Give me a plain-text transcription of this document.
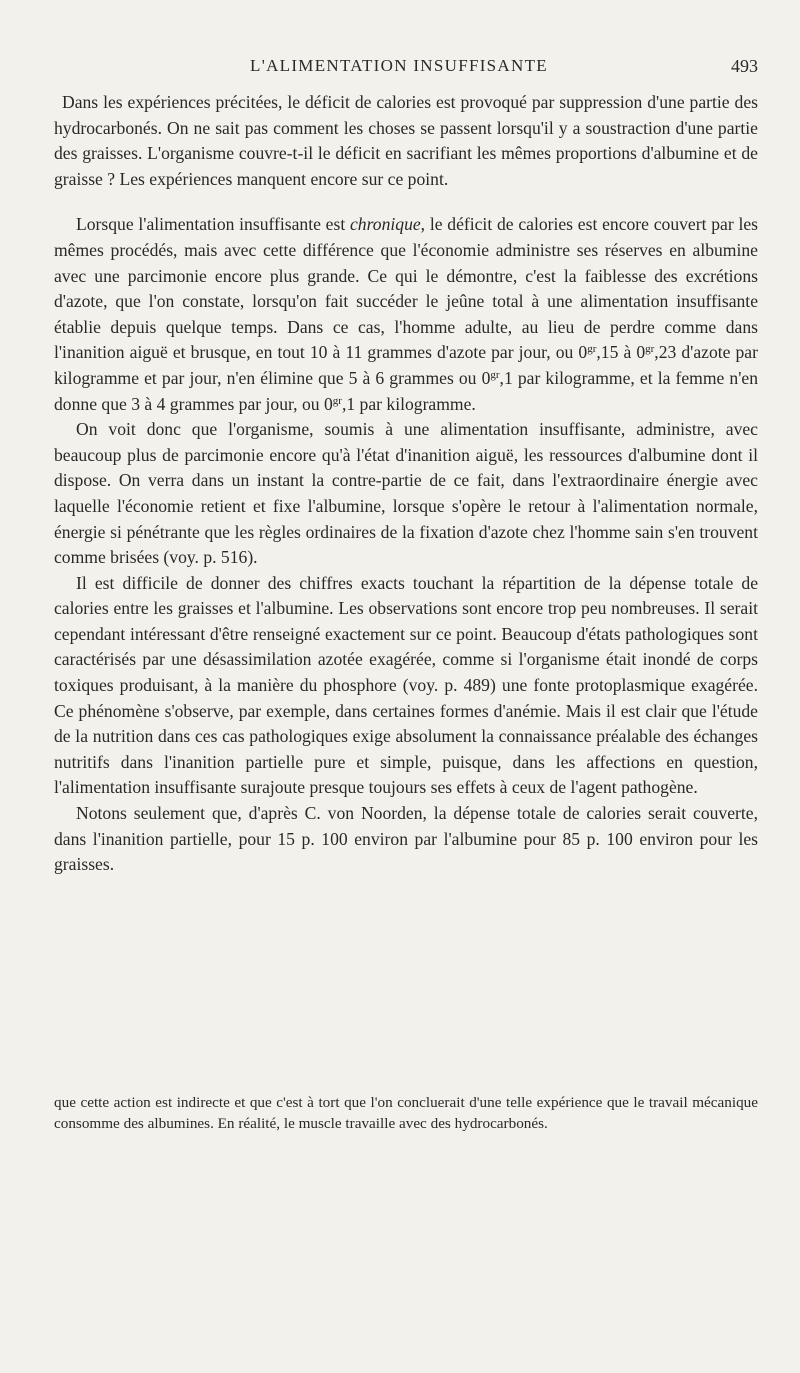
L'ALIMENTATION INSUFFISANTE	493

Dans les expériences précitées, le déficit de calories est provoqué par suppression d'une partie des hydrocarbonés. On ne sait pas comment les choses se passent lorsqu'il y a soustraction d'une partie des graisses. L'organisme couvre-t-il le déficit en sacrifiant les mêmes proportions d'albumine et de graisse ? Les expériences manquent encore sur ce point.

Lorsque l'alimentation insuffisante est chronique, le déficit de calories est encore couvert par les mêmes procédés, mais avec cette différence que l'économie administre ses réserves en albumine avec une parcimonie encore plus grande. Ce qui le démontre, c'est la faiblesse des excrétions d'azote, que l'on constate, lorsqu'on fait succéder le jeûne total à une alimentation insuffisante établie depuis quelque temps. Dans ce cas, l'homme adulte, au lieu de perdre comme dans l'inanition aiguë et brusque, en tout 10 à 11 grammes d'azote par jour, ou $0^{gr},15$ à $0^{gr},23$ d'azote par kilogramme et par jour, n'en élimine que 5 à 6 grammes ou $0^{gr},1$ par kilogramme, et la femme n'en donne que 3 à 4 grammes par jour, ou $0^{gr},1$ par kilogramme.

On voit donc que l'organisme, soumis à une alimentation insuffisante, administre, avec beaucoup plus de parcimonie encore qu'à l'état d'inanition aiguë, les ressources d'albumine dont il dispose. On verra dans un instant la contre-partie de ce fait, dans l'extraordinaire énergie avec laquelle l'économie retient et fixe l'albumine, lorsque s'opère le retour à l'alimentation normale, énergie si pénétrante que les règles ordinaires de la fixation d'azote chez l'homme sain s'en trouvent comme brisées (voy. p. 516).

Il est difficile de donner des chiffres exacts touchant la répartition de la dépense totale de calories entre les graisses et l'albumine. Les observations sont encore trop peu nombreuses. Il serait cependant intéressant d'être renseigné exactement sur ce point. Beaucoup d'états pathologiques sont caractérisés par une désassimilation azotée exagérée, comme si l'organisme était inondé de corps toxiques produisant, à la manière du phosphore (voy. p. 489) une fonte protoplasmique exagérée. Ce phénomène s'observe, par exemple, dans certaines formes d'anémie. Mais il est clair que l'étude de la nutrition dans ces cas pathologiques exige absolument la connaissance préalable des échanges nutritifs dans l'inanition partielle pure et simple, puisque, dans les affections en question, l'alimentation insuffisante surajoute presque toujours ses effets à ceux de l'agent pathogène.

Notons seulement que, d'après C. von Noorden, la dépense totale de calories serait couverte, dans l'inanition partielle, pour 15 p. 100 environ par l'albumine pour 85 p. 100 environ pour les graisses.

que cette action est indirecte et que c'est à tort que l'on concluerait d'une telle expérience que le travail mécanique consomme des albumines. En réalité, le muscle travaille avec des hydrocarbonés.
